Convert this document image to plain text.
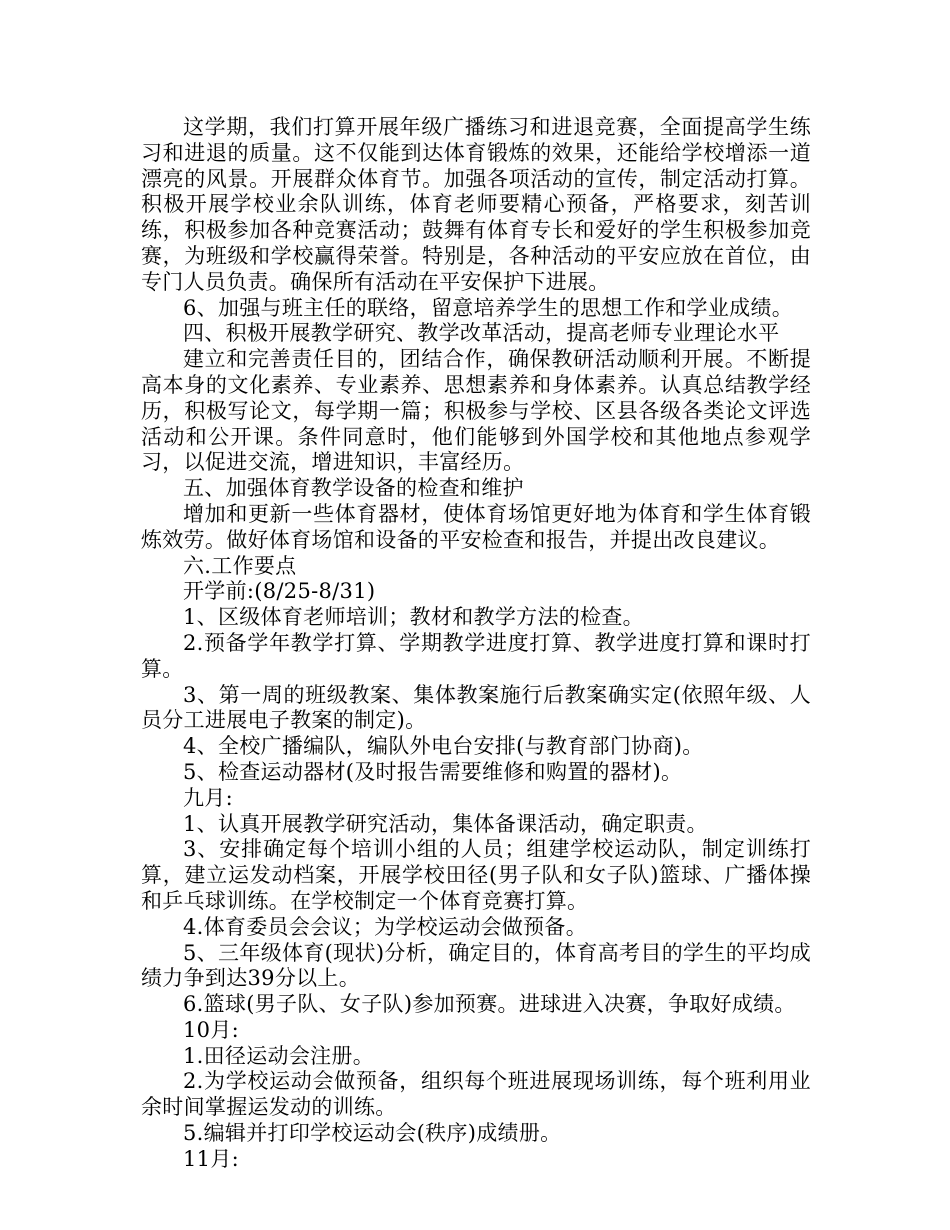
这学期，我们打算开展年级广播练习和进退竞赛，全面提高学生练习和进退的质量。这不仅能到达体育锻炼的效果，还能给学校增添一道漂亮的风景。开展群众体育节。加强各项活动的宣传，制定活动打算。积极开展学校业余队训练，体育老师要精心预备，严格要求，刻苦训练，积极参加各种竞赛活动；鼓舞有体育专长和爱好的学生积极参加竞赛，为班级和学校赢得荣誉。特别是，各种活动的平安应放在首位，由专门人员负责。确保所有活动在平安保护下进展。

6、加强与班主任的联络，留意培养学生的思想工作和学业成绩。

四、积极开展教学研究、教学改革活动，提高老师专业理论水平

建立和完善责任目的，团结合作，确保教研活动顺利开展。不断提高本身的文化素养、专业素养、思想素养和身体素养。认真总结教学经历，积极写论文，每学期一篇；积极参与学校、区县各级各类论文评选活动和公开课。条件同意时，他们能够到外国学校和其他地点参观学习，以促进交流，增进知识，丰富经历。

五、加强体育教学设备的检查和维护

增加和更新一些体育器材，使体育场馆更好地为体育和学生体育锻炼效劳。做好体育场馆和设备的平安检查和报告，并提出改良建议。

六.工作要点

开学前:(8/25-8/31)

1、区级体育老师培训；教材和教学方法的检查。

2.预备学年教学打算、学期教学进度打算、教学进度打算和课时打算。

3、第一周的班级教案、集体教案施行后教案确实定(依照年级、人员分工进展电子教案的制定)。

4、全校广播编队，编队外电台安排(与教育部门协商)。

5、检查运动器材(及时报告需要维修和购置的器材)。

九月:

1、认真开展教学研究活动，集体备课活动，确定职责。

3、安排确定每个培训小组的人员；组建学校运动队，制定训练打算，建立运发动档案，开展学校田径(男子队和女子队)篮球、广播体操和乒乓球训练。在学校制定一个体育竞赛打算。

4.体育委员会会议；为学校运动会做预备。

5、三年级体育(现状)分析，确定目的，体育高考目的学生的平均成绩力争到达39分以上。

6.篮球(男子队、女子队)参加预赛。进球进入决赛，争取好成绩。

10月:

1.田径运动会注册。

2.为学校运动会做预备，组织每个班进展现场训练，每个班利用业余时间掌握运发动的训练。

5.编辑并打印学校运动会(秩序)成绩册。

11月:
